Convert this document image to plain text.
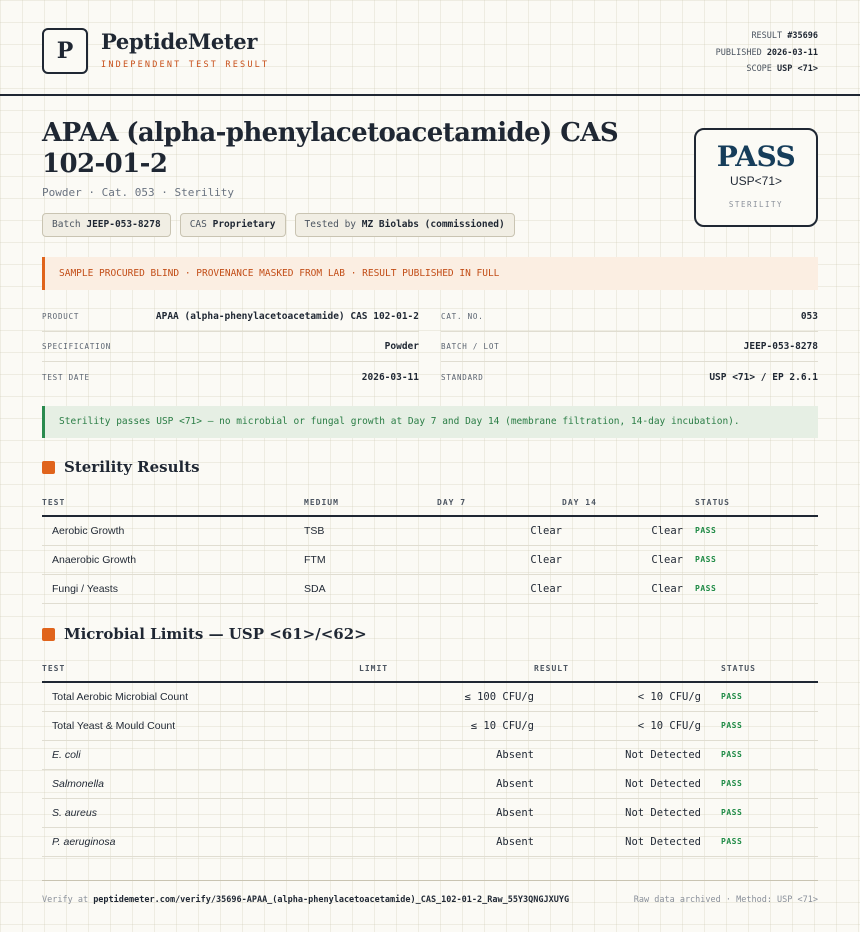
P	PeptideMeter
INDEPENDENT TEST RESULT
RESULT #35696
PUBLISHED 2026-03-11
SCOPE USP <71>
APAA (alpha-phenylacetoacetamide) CAS 102-01-2
Powder · Cat. 053 · Sterility
Batch JEEP-053-8278	CAS Proprietary	Tested by MZ Biolabs (commissioned)
PASS
USP<71>
STERILITY
SAMPLE PROCURED BLIND · PROVENANCE MASKED FROM LAB · RESULT PUBLISHED IN FULL
PRODUCT	APAA (alpha-phenylacetoacetamide) CAS 102-01-2
SPECIFICATION	Powder
TEST DATE	2026-03-11
CAT. NO.	053
BATCH / LOT	JEEP-053-8278
STANDARD	USP <71> / EP 2.6.1
Sterility passes USP <71> — no microbial or fungal growth at Day 7 and Day 14 (membrane filtration, 14-day incubation).
Sterility Results
TEST	MEDIUM	DAY 7	DAY 14	STATUS
Aerobic Growth	TSB	Clear	Clear	PASS
Anaerobic Growth	FTM	Clear	Clear	PASS
Fungi / Yeasts	SDA	Clear	Clear	PASS
Microbial Limits — USP <61>/<62>
TEST	LIMIT	RESULT	STATUS
Total Aerobic Microbial Count	≤ 100 CFU/g	< 10 CFU/g	PASS
Total Yeast & Mould Count	≤ 10 CFU/g	< 10 CFU/g	PASS
E. coli	Absent	Not Detected	PASS
Salmonella	Absent	Not Detected	PASS
S. aureus	Absent	Not Detected	PASS
P. aeruginosa	Absent	Not Detected	PASS
Verify at peptidemeter.com/verify/35696-APAA_(alpha-phenylacetoacetamide)_CAS_102-01-2_Raw_55Y3QNGJXUYG	Raw data archived · Method: USP <71>
